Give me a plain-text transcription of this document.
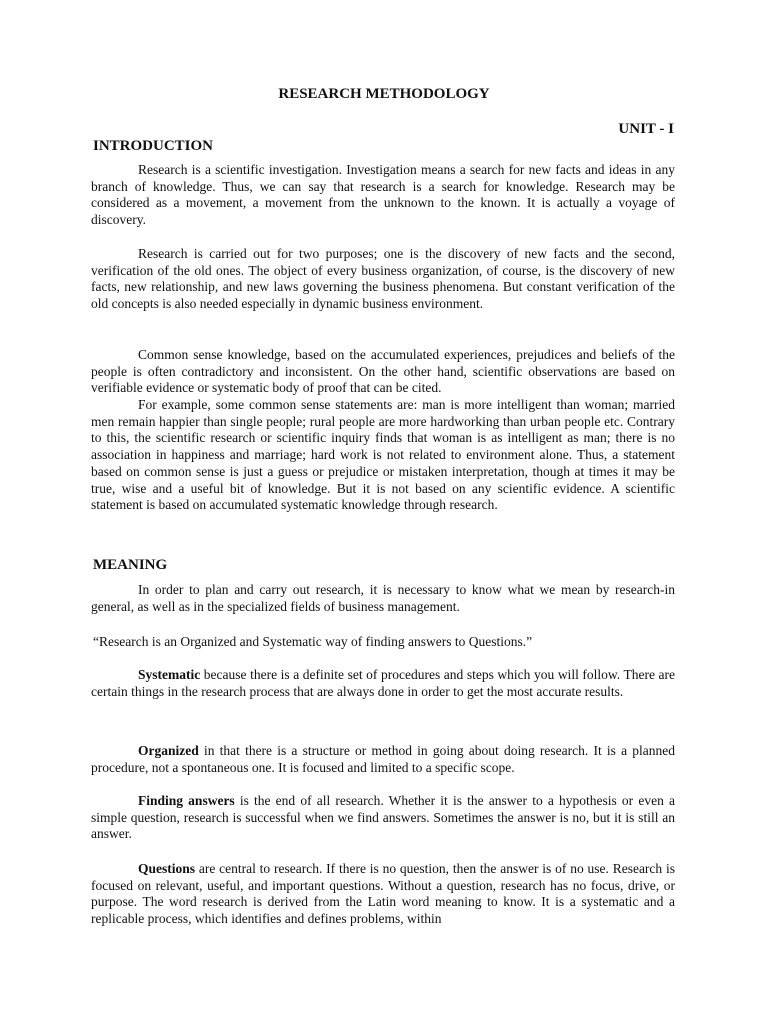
RESEARCH METHODOLOGY
UNIT - I
INTRODUCTION

Research is a scientific investigation. Investigation means a search for new facts and ideas in any branch of knowledge. Thus, we can say that research is a search for knowledge. Research may be considered as a movement, a movement from the unknown to the known. It is actually a voyage of discovery.

Research is carried out for two purposes; one is the discovery of new facts and the second, verification of the old ones. The object of every business organization, of course, is the discovery of new facts, new relationship, and new laws governing the business phenomena. But constant verification of the old concepts is also needed especially in dynamic business environment.

Common sense knowledge, based on the accumulated experiences, prejudices and beliefs of the people is often contradictory and inconsistent. On the other hand, scientific observations are based on verifiable evidence or systematic body of proof that can be cited.

For example, some common sense statements are: man is more intelligent than woman; married men remain happier than single people; rural people are more hardworking than urban people etc. Contrary to this, the scientific research or scientific inquiry finds that woman is as intelligent as man; there is no association in happiness and marriage; hard work is not related to environment alone. Thus, a statement based on common sense is just a guess or prejudice or mistaken interpretation, though at times it may be true, wise and a useful bit of knowledge. But it is not based on any scientific evidence. A scientific statement is based on accumulated systematic knowledge through research.

MEANING

In order to plan and carry out research, it is necessary to know what we mean by research-in general, as well as in the specialized fields of business management.

“Research is an Organized and Systematic way of finding answers to Questions.”

Systematic because there is a definite set of procedures and steps which you will follow. There are certain things in the research process that are always done in order to get the most accurate results.

Organized in that there is a structure or method in going about doing research. It is a planned procedure, not a spontaneous one. It is focused and limited to a specific scope.

Finding answers is the end of all research. Whether it is the answer to a hypothesis or even a simple question, research is successful when we find answers. Sometimes the answer is no, but it is still an answer.

Questions are central to research. If there is no question, then the answer is of no use. Research is focused on relevant, useful, and important questions. Without a question, research has no focus, drive, or purpose. The word research is derived from the Latin word meaning to know. It is a systematic and a replicable process, which identifies and defines problems, within
